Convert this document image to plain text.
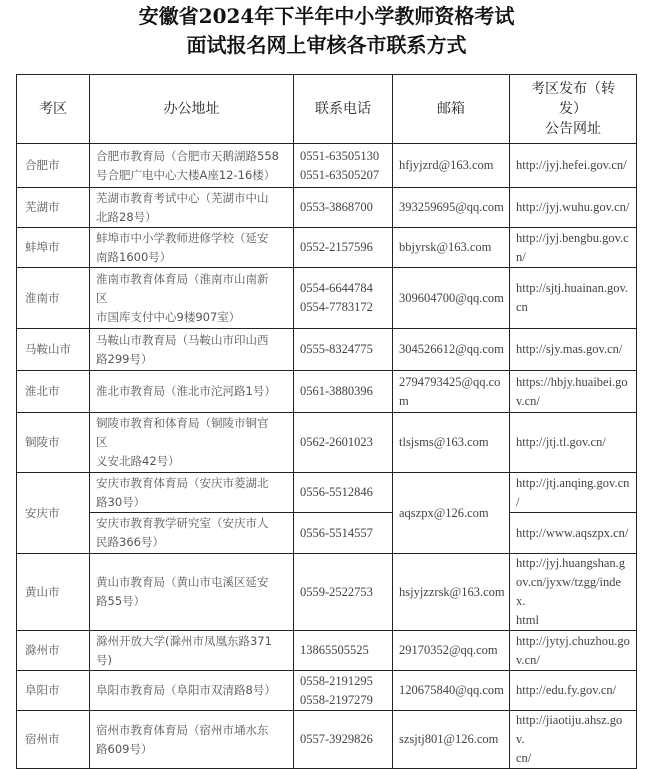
安徽省2024年下半年中小学教师资格考试
面试报名网上审核各市联系方式
考区	办公地址	联系电话	邮箱	考区发布（转
发）
公告网址
合肥市	合肥市教育局（合肥市天鹅湖路558
号合肥广电中心大楼A座12-16楼）	0551-63505130
0551-63505207	hfjyjzrd@163.com	http://jyj.hefei.gov.cn/
芜湖市	芜湖市教育考试中心（芜湖市中山
北路28号）	0553-3868700	393259695@qq.com	http://jyj.wuhu.gov.cn/
蚌埠市	蚌埠市中小学教师进修学校（延安
南路1600号）	0552-2157596	bbjyrsk@163.com	http://jyj.bengbu.gov.c
n/
淮南市	淮南市教育体育局（淮南市山南新
区
市国库支付中心9楼907室）	0554-6644784
0554-7783172	309604700@qq.com	http://sjtj.huainan.gov.
cn
马鞍山市	马鞍山市教育局（马鞍山市印山西
路299号）	0555-8324775	304526612@qq.com	http://sjy.mas.gov.cn/
淮北市	淮北市教育局（淮北市沱河路1号）	0561-3880396	2794793425@qq.co
m	https://hbjy.huaibei.go
v.cn/
铜陵市	铜陵市教育和体育局（铜陵市铜官
区
义安北路42号）	0562-2601023	tlsjsms@163.com	http://jtj.tl.gov.cn/
安庆市	安庆市教育体育局（安庆市菱湖北
路30号）	0556-5512846	aqszpx@126.com	http://jtj.anqing.gov.cn
/
	安庆市教育教学研究室（安庆市人
民路366号）	0556-5514557		http://www.aqszpx.cn/
黄山市	黄山市教育局（黄山市屯溪区延安
路55号）	0559-2522753	hsjyjzzrsk@163.com	http://jyj.huangshan.g
ov.cn/jyxw/tzgg/index.
html
滁州市	滁州开放大学(滁州市凤凰东路371
号)	13865505525	29170352@qq.com	http://jytyj.chuzhou.go
v.cn/
阜阳市	阜阳市教育局（阜阳市双清路8号）	0558-2191295
0558-2197279	120675840@qq.com	http://edu.fy.gov.cn/
宿州市	宿州市教育体育局（宿州市埇水东
路609号）	0557-3929826	szsjtj801@126.com	http://jiaotiju.ahsz.gov.
cn/
